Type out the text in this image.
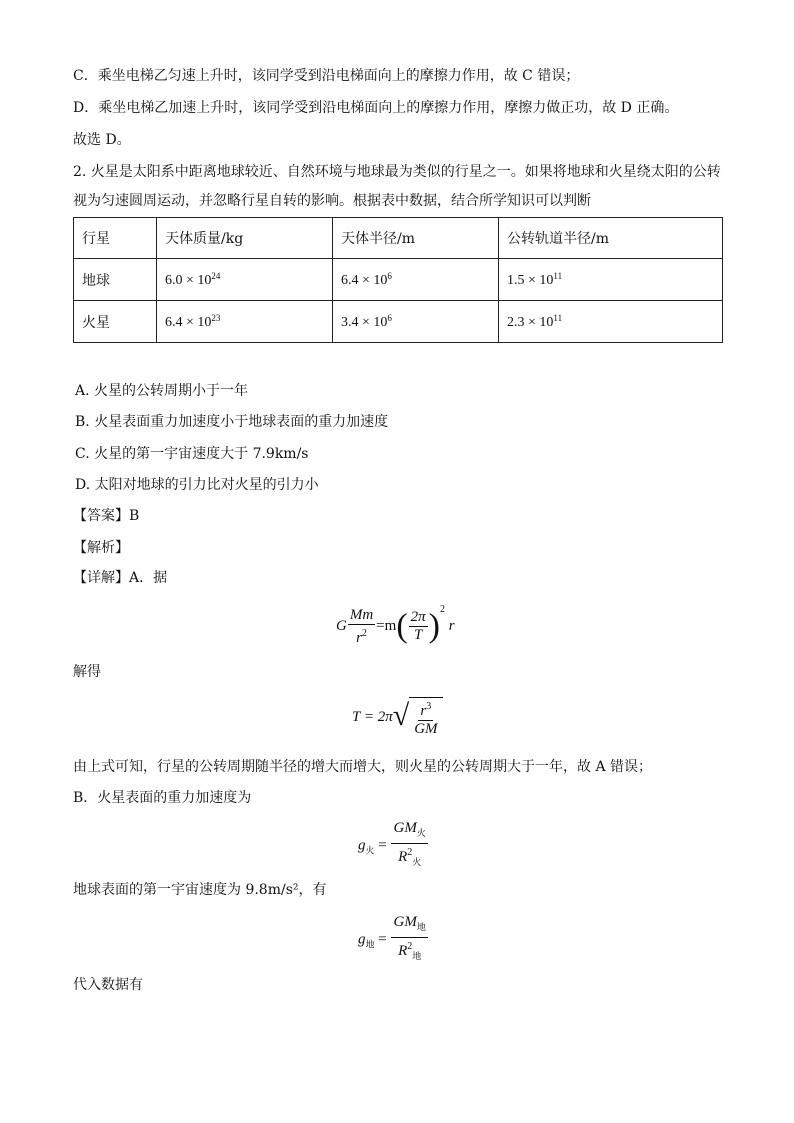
C．乘坐电梯乙匀速上升时，该同学受到沿电梯面向上的摩擦力作用，故 C 错误；
D．乘坐电梯乙加速上升时，该同学受到沿电梯面向上的摩擦力作用，摩擦力做正功，故 D 正确。
故选 D。
2. 火星是太阳系中距离地球较近、自然环境与地球最为类似的行星之一。如果将地球和火星绕太阳的公转
视为匀速圆周运动，并忽略行星自转的影响。根据表中数据，结合所学知识可以判断
行星	天体质量/kg	天体半径/m	公转轨道半径/m
地球	$6.0 \times 10^{24}$	$6.4 \times 10^6$	$1.5 \times 10^{11}$
火星	$6.4 \times 10^{23}$	$3.4 \times 10^6$	$2.3 \times 10^{11}$
A. 火星的公转周期小于一年
B. 火星表面重力加速度小于地球表面的重力加速度
C. 火星的第一宇宙速度大于 7.9km/s
D. 太阳对地球的引力比对火星的引力小
【答案】B
【解析】
【详解】A．据
G $\frac{Mm}{r^2} =m( \frac{2\pi}{T} )^2$ r
解得
T = 2π √ $\frac{r^3}{GM}$
由上式可知，行星的公转周期随半径的增大而增大，则火星的公转周期大于一年，故 A 错误；
B．火星表面的重力加速度为
$g_火 = \frac{GM_火}{R^2_火}$
地球表面的第一宇宙速度为 9.8m/s²，有
$g_地 = \frac{GM_地}{R^2_地}$
代入数据有
